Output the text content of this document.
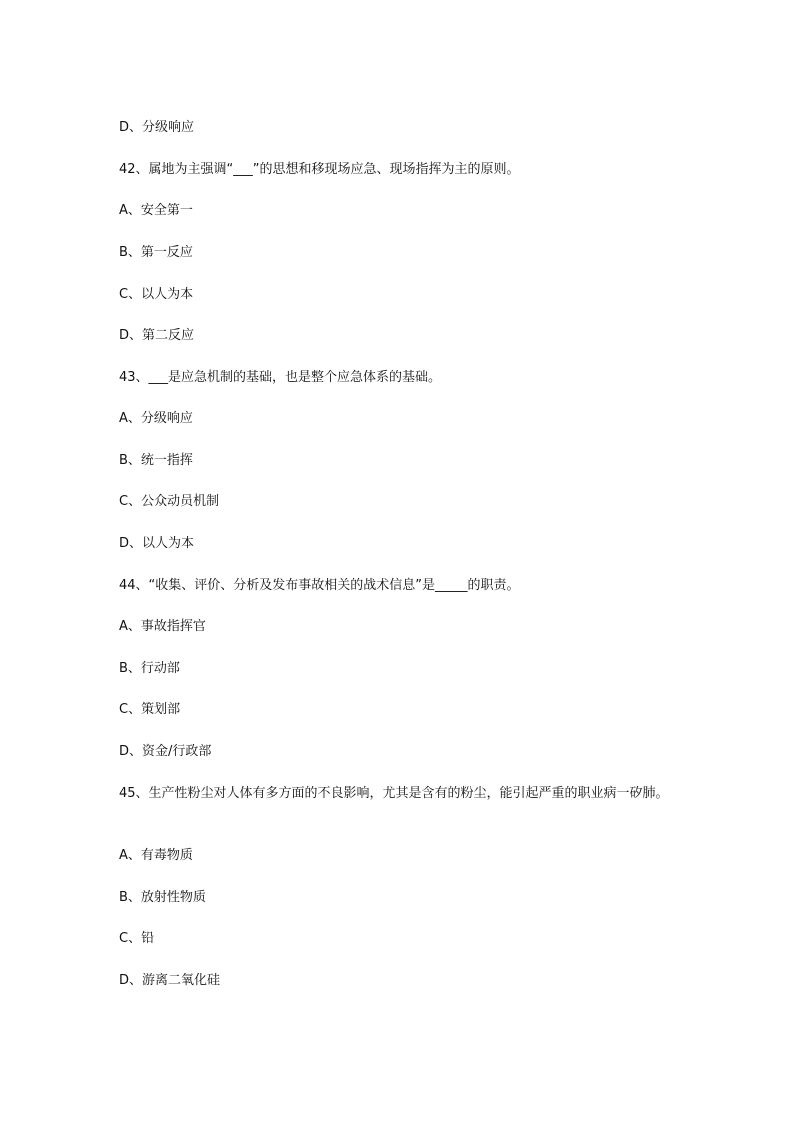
D、分级响应
42、属地为主强调“___”的思想和移现场应急、现场指挥为主的原则。
A、安全第一
B、第一反应
C、以人为本
D、第二反应
43、___是应急机制的基础，也是整个应急体系的基础。
A、分级响应
B、统一指挥
C、公众动员机制
D、以人为本
44、“收集、评价、分析及发布事故相关的战术信息”是_____的职责。
A、事故指挥官
B、行动部
C、策划部
D、资金/行政部
45、生产性粉尘对人体有多方面的不良影响，尤其是含有的粉尘，能引起严重的职业病一矽肺。
A、有毒物质
B、放射性物质
C、铅
D、游离二氧化硅
